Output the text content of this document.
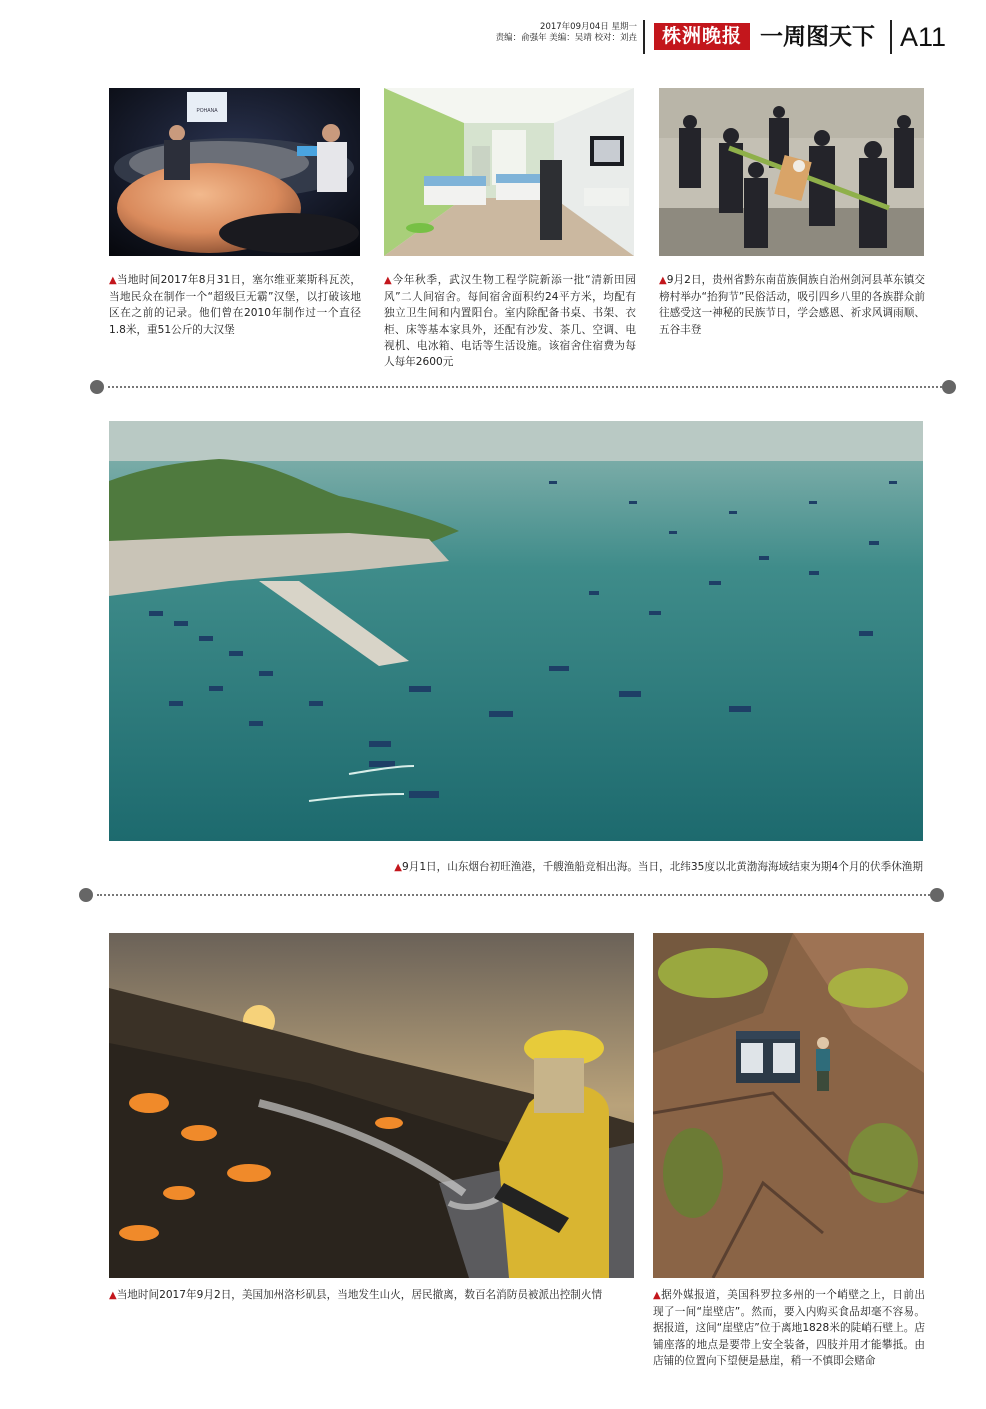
2017年09月04日 星期一
责编：俞强年 美编：吴靖 校对：刘垚	株洲晚报 一周图天下 A11
POHANA
▲当地时间2017年8月31日，塞尔维亚莱斯科瓦茨，当地民众在制作一个“超级巨无霸”汉堡，以打破该地区在之前的记录。他们曾在2010年制作过一个直径1.8米，重51公斤的大汉堡
▲今年秋季，武汉生物工程学院新添一批“清新田园风”二人间宿舍。每间宿舍面积约24平方米，均配有独立卫生间和内置阳台。室内除配备书桌、书架、衣柜、床等基本家具外，还配有沙发、茶几、空调、电视机、电冰箱、电话等生活设施。该宿舍住宿费为每人每年2600元
▲9月2日，贵州省黔东南苗族侗族自治州剑河县革东镇交榜村举办“抬狗节”民俗活动，吸引四乡八里的各族群众前往感受这一神秘的民族节日，学会感恩、祈求风调雨顺、五谷丰登
▲9月1日，山东烟台初旺渔港，千艘渔船竞相出海。当日，北纬35度以北黄渤海海域结束为期4个月的伏季休渔期
▲当地时间2017年9月2日，美国加州洛杉矶县，当地发生山火，居民撤离，数百名消防员被派出控制火情	▲据外媒报道，美国科罗拉多州的一个峭壁之上，日前出现了一间“崖壁店”。然而，要入内购买食品却毫不容易。据报道，这间“崖壁店”位于离地1828米的陡峭石壁上。店铺座落的地点是要带上安全装备，四肢并用才能攀抵。由店铺的位置向下望便是悬崖，稍一不慎即会赌命
